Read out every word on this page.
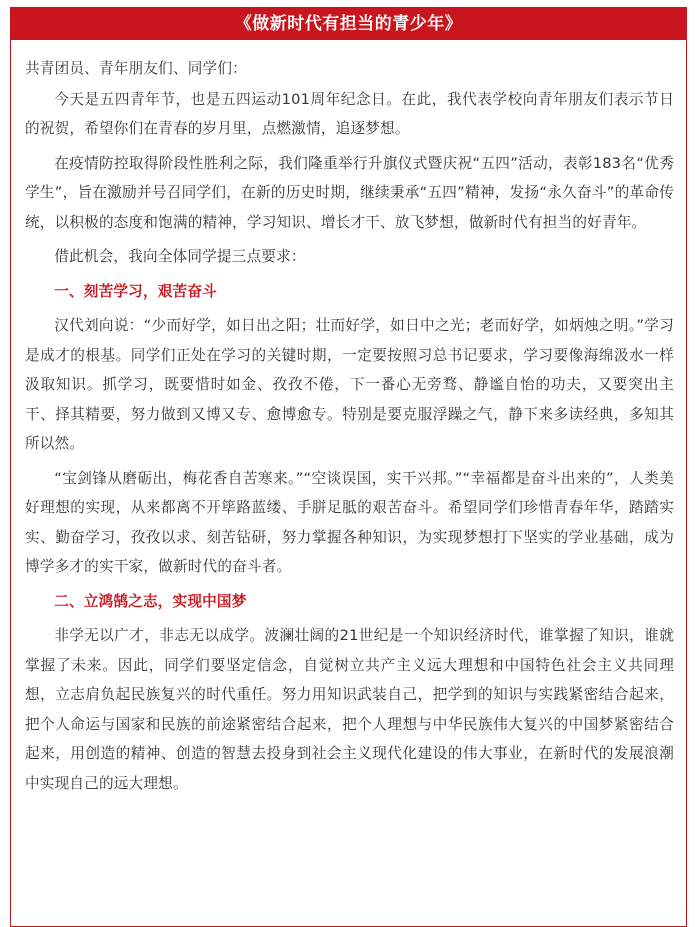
《做新时代有担当的青少年》

共青团员、青年朋友们、同学们：

今天是五四青年节，也是五四运动101周年纪念日。在此，我代表学校向青年朋友们表示节日的祝贺，希望你们在青春的岁月里，点燃激情，追逐梦想。

在疫情防控取得阶段性胜利之际，我们隆重举行升旗仪式暨庆祝“五四”活动，表彰183名“优秀学生”，旨在激励并号召同学们，在新的历史时期，继续秉承“五四”精神，发扬“永久奋斗”的革命传统，以积极的态度和饱满的精神，学习知识、增长才干、放飞梦想，做新时代有担当的好青年。

借此机会，我向全体同学提三点要求：

一、刻苦学习，艰苦奋斗

汉代刘向说：“少而好学，如日出之阳；壮而好学，如日中之光；老而好学，如炳烛之明。”学习是成才的根基。同学们正处在学习的关键时期，一定要按照习总书记要求，学习要像海绵汲水一样汲取知识。抓学习，既要惜时如金、孜孜不倦，下一番心无旁骛、静谧自怡的功夫，又要突出主干、择其精要，努力做到又博又专、愈博愈专。特别是要克服浮躁之气，静下来多读经典，多知其所以然。

“宝剑锋从磨砺出，梅花香自苦寒来。”“空谈误国，实干兴邦。”“幸福都是奋斗出来的”，人类美好理想的实现，从来都离不开筚路蓝缕、手胼足胝的艰苦奋斗。希望同学们珍惜青春年华，踏踏实实、勤奋学习，孜孜以求、刻苦钻研，努力掌握各种知识，为实现梦想打下坚实的学业基础，成为博学多才的实干家，做新时代的奋斗者。

二、立鸿鹄之志，实现中国梦

非学无以广才，非志无以成学。波澜壮阔的21世纪是一个知识经济时代，谁掌握了知识，谁就掌握了未来。因此，同学们要坚定信念，自觉树立共产主义远大理想和中国特色社会主义共同理想，立志肩负起民族复兴的时代重任。努力用知识武装自己，把学到的知识与实践紧密结合起来，把个人命运与国家和民族的前途紧密结合起来，把个人理想与中华民族伟大复兴的中国梦紧密结合起来，用创造的精神、创造的智慧去投身到社会主义现代化建设的伟大事业，在新时代的发展浪潮中实现自己的远大理想。
